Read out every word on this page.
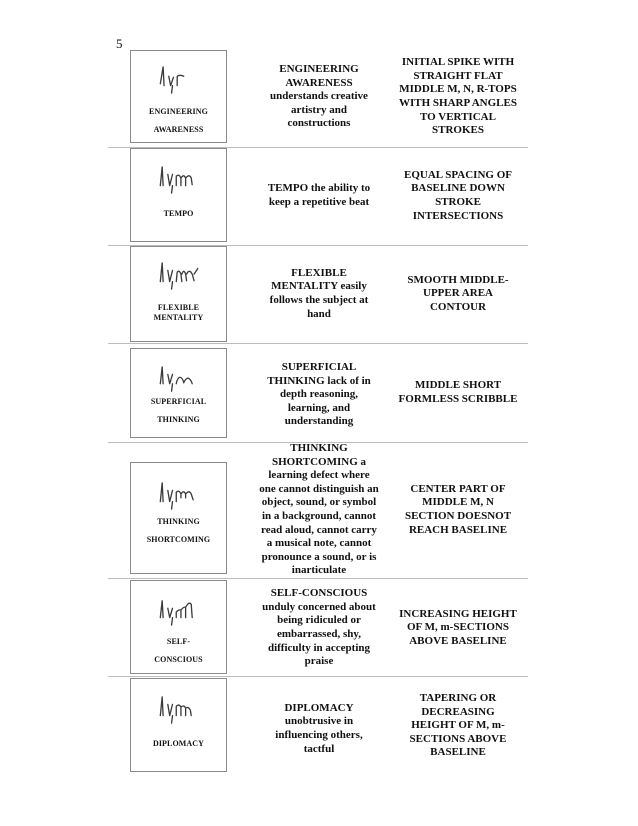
5
ENGINEERING
AWARENESS
ENGINEERING
AWARENESS
understands creative
artistry and
constructions
INITIAL SPIKE WITH
STRAIGHT FLAT
MIDDLE M, N, R-TOPS
WITH SHARP ANGLES
TO VERTICAL
STROKES
TEMPO
TEMPO the ability to
keep a repetitive beat
EQUAL SPACING OF
BASELINE DOWN
STROKE
INTERSECTIONS
FLEXIBLE
MENTALITY
FLEXIBLE
MENTALITY easily
follows the subject at
hand
SMOOTH MIDDLE-
UPPER AREA
CONTOUR
SUPERFICIAL
THINKING
SUPERFICIAL
THINKING lack of in
depth reasoning,
learning, and
understanding
MIDDLE SHORT
FORMLESS SCRIBBLE
THINKING
SHORTCOMING
THINKING
SHORTCOMING a
learning defect where
one cannot distinguish an
object, sound, or symbol
in a background, cannot
read aloud, cannot carry
a musical note, cannot
pronounce a sound, or is
inarticulate
CENTER PART OF
MIDDLE M, N
SECTION DOESNOT
REACH BASELINE
SELF-
CONSCIOUS
SELF-CONSCIOUS
unduly concerned about
being ridiculed or
embarrassed, shy,
difficulty in accepting
praise
INCREASING HEIGHT
OF M, m-SECTIONS
ABOVE BASELINE
DIPLOMACY
DIPLOMACY
unobtrusive in
influencing others,
tactful
TAPERING OR
DECREASING
HEIGHT OF M, m-
SECTIONS ABOVE
BASELINE
